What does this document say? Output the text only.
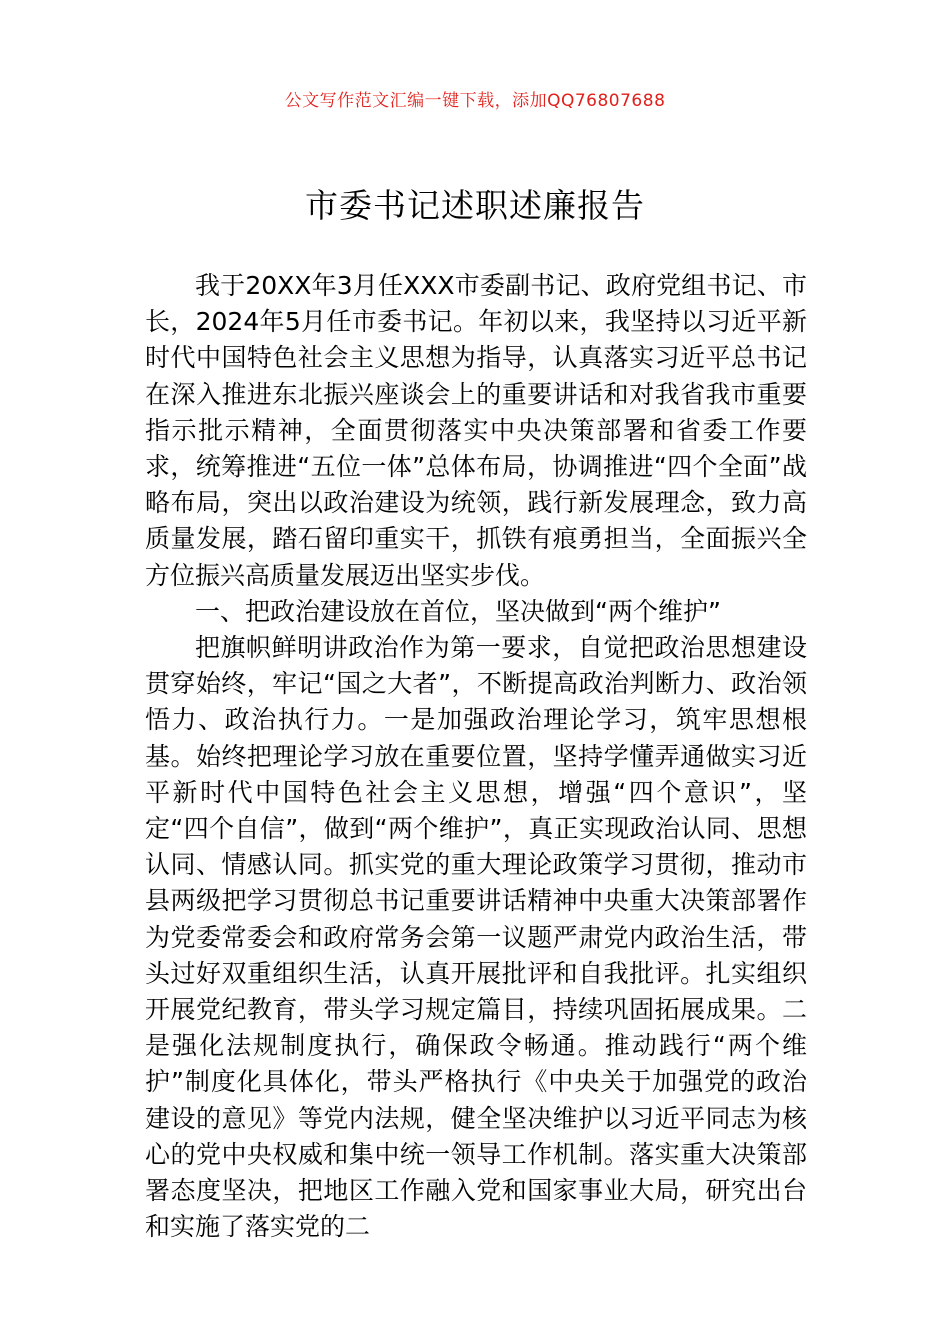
公文写作范文汇编一键下载，添加QQ76807688
市委书记述职述廉报告

我于20XX年3月任XXX市委副书记、政府党组书记、市长，2024年5月任市委书记。年初以来，我坚持以习近平新时代中国特色社会主义思想为指导，认真落实习近平总书记在深入推进东北振兴座谈会上的重要讲话和对我省我市重要指示批示精神，全面贯彻落实中央决策部署和省委工作要求，统筹推进“五位一体”总体布局，协调推进“四个全面”战略布局，突出以政治建设为统领，践行新发展理念，致力高质量发展，踏石留印重实干，抓铁有痕勇担当，全面振兴全方位振兴高质量发展迈出坚实步伐。

一、把政治建设放在首位，坚决做到“两个维护”

把旗帜鲜明讲政治作为第一要求，自觉把政治思想建设贯穿始终，牢记“国之大者”，不断提高政治判断力、政治领悟力、政治执行力。一是加强政治理论学习，筑牢思想根基。始终把理论学习放在重要位置，坚持学懂弄通做实习近平新时代中国特色社会主义思想，增强“四个意识”，坚定“四个自信”，做到“两个维护”，真正实现政治认同、思想认同、情感认同。抓实党的重大理论政策学习贯彻，推动市县两级把学习贯彻总书记重要讲话精神中央重大决策部署作为党委常委会和政府常务会第一议题严肃党内政治生活，带头过好双重组织生活，认真开展批评和自我批评。扎实组织开展党纪教育，带头学习规定篇目，持续巩固拓展成果。二是强化法规制度执行，确保政令畅通。推动践行“两个维护”制度化具体化，带头严格执行《中央关于加强党的政治建设的意见》等党内法规，健全坚决维护以习近平同志为核心的党中央权威和集中统一领导工作机制。落实重大决策部署态度坚决，把地区工作融入党和国家事业大局，研究出台和实施了落实党的二
